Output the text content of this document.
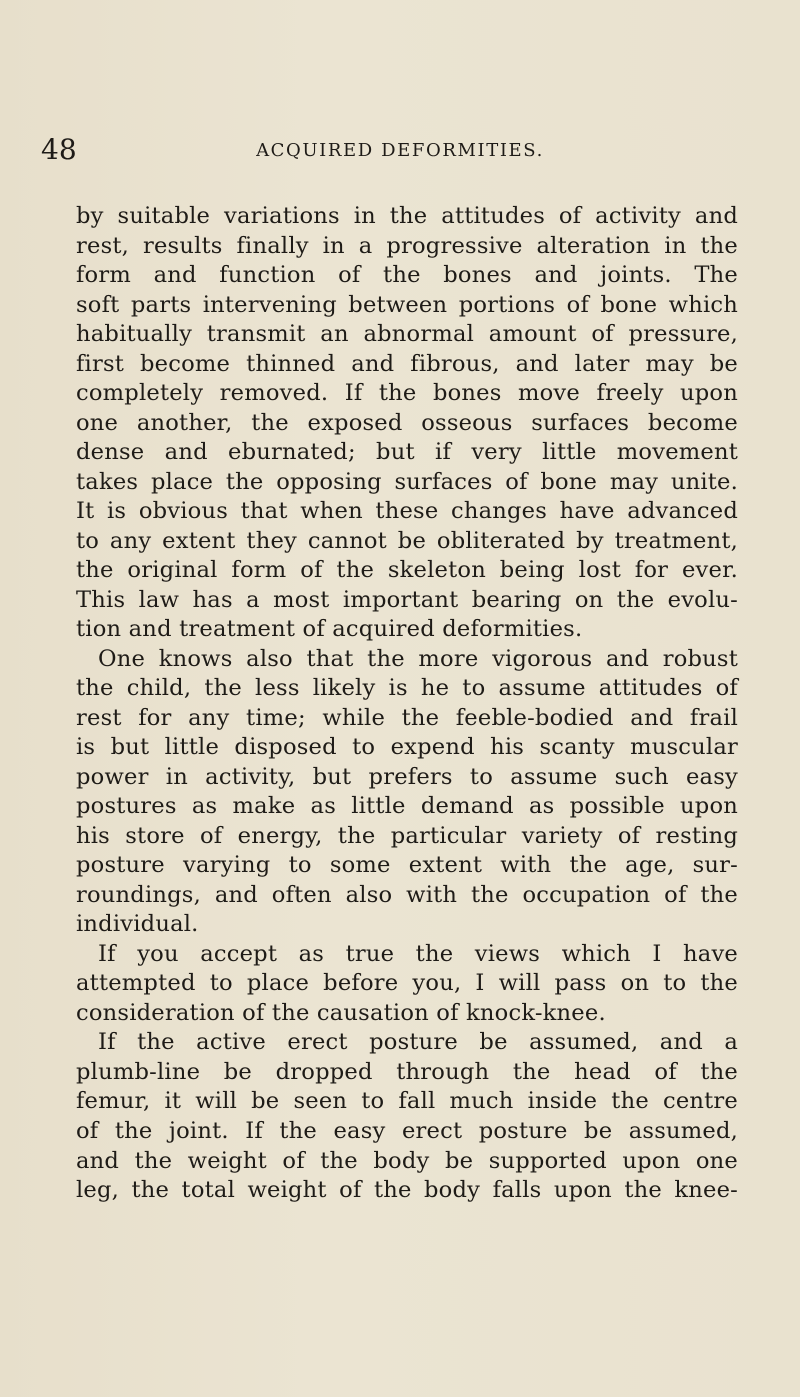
48	ACQUIRED DEFORMITIES.
by suitable variations in the attitudes of activity and
rest, results finally in a progressive alteration in the
form and function of the bones and joints. The
soft parts intervening between portions of bone which
habitually transmit an abnormal amount of pressure,
first become thinned and fibrous, and later may be
completely removed. If the bones move freely upon
one another, the exposed osseous surfaces become
dense and eburnated; but if very little movement
takes place the opposing surfaces of bone may unite.
It is obvious that when these changes have advanced
to any extent they cannot be obliterated by treatment,
the original form of the skeleton being lost for ever.
This law has a most important bearing on the evolu-
tion and treatment of acquired deformities.
One knows also that the more vigorous and robust
the child, the less likely is he to assume attitudes of
rest for any time; while the feeble-bodied and frail
is but little disposed to expend his scanty muscular
power in activity, but prefers to assume such easy
postures as make as little demand as possible upon
his store of energy, the particular variety of resting
posture varying to some extent with the age, sur-
roundings, and often also with the occupation of the
individual.
If you accept as true the views which I have
attempted to place before you, I will pass on to the
consideration of the causation of knock-knee.
If the active erect posture be assumed, and a
plumb-line be dropped through the head of the
femur, it will be seen to fall much inside the centre
of the joint. If the easy erect posture be assumed,
and the weight of the body be supported upon one
leg, the total weight of the body falls upon the knee-
